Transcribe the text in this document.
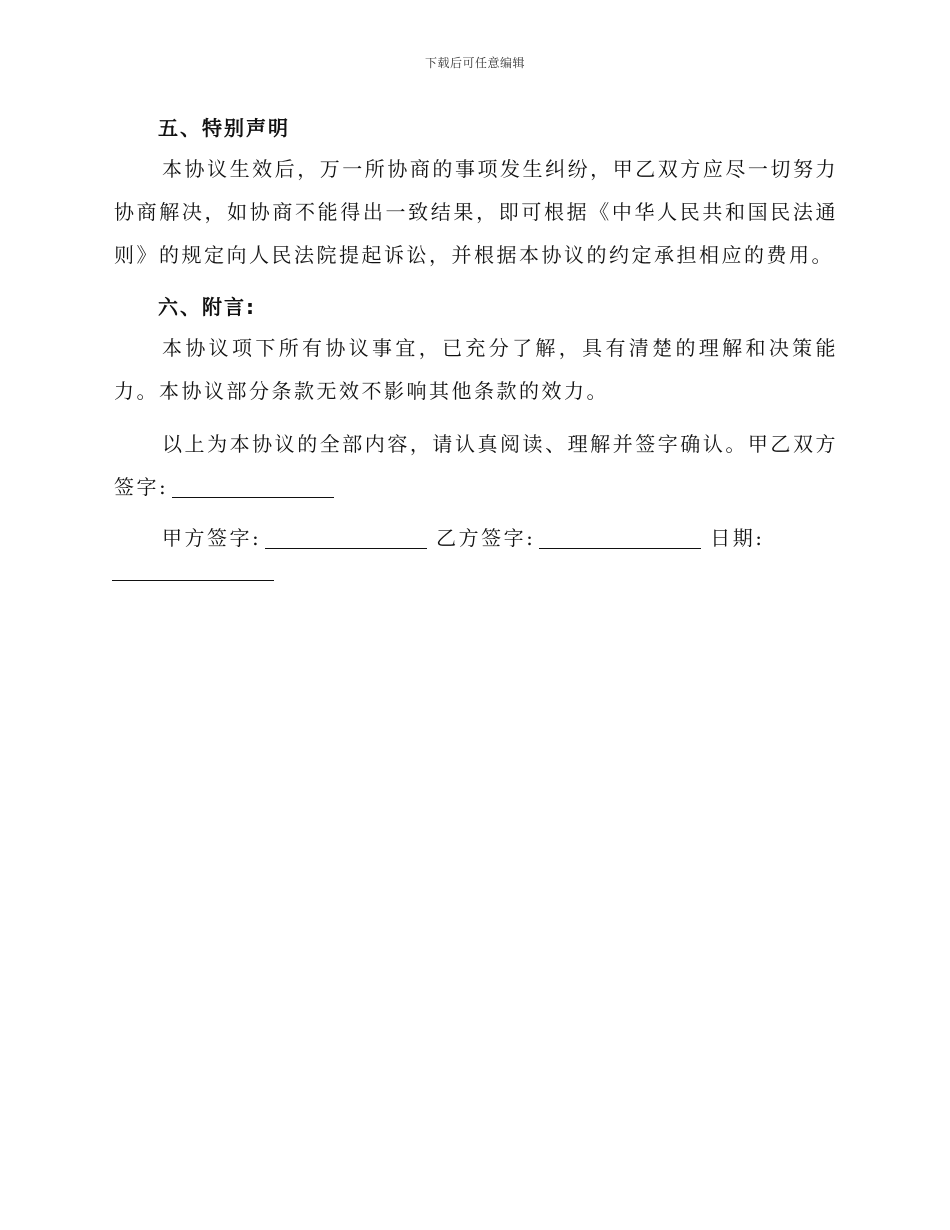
下载后可任意编辑
五、特别声明

本协议生效后，万一所协商的事项发生纠纷，甲乙双方应尽一切努力协商解决，如协商不能得出一致结果，即可根据《中华人民共和国民法通则》的规定向人民法院提起诉讼，并根据本协议的约定承担相应的费用。

六、附言:

本协议项下所有协议事宜，已充分了解，具有清楚的理解和决策能力。本协议部分条款无效不影响其他条款的效力。

以上为本协议的全部内容，请认真阅读、理解并签字确认。甲乙双方签字:

甲方签字:	乙方签字:	日期:
